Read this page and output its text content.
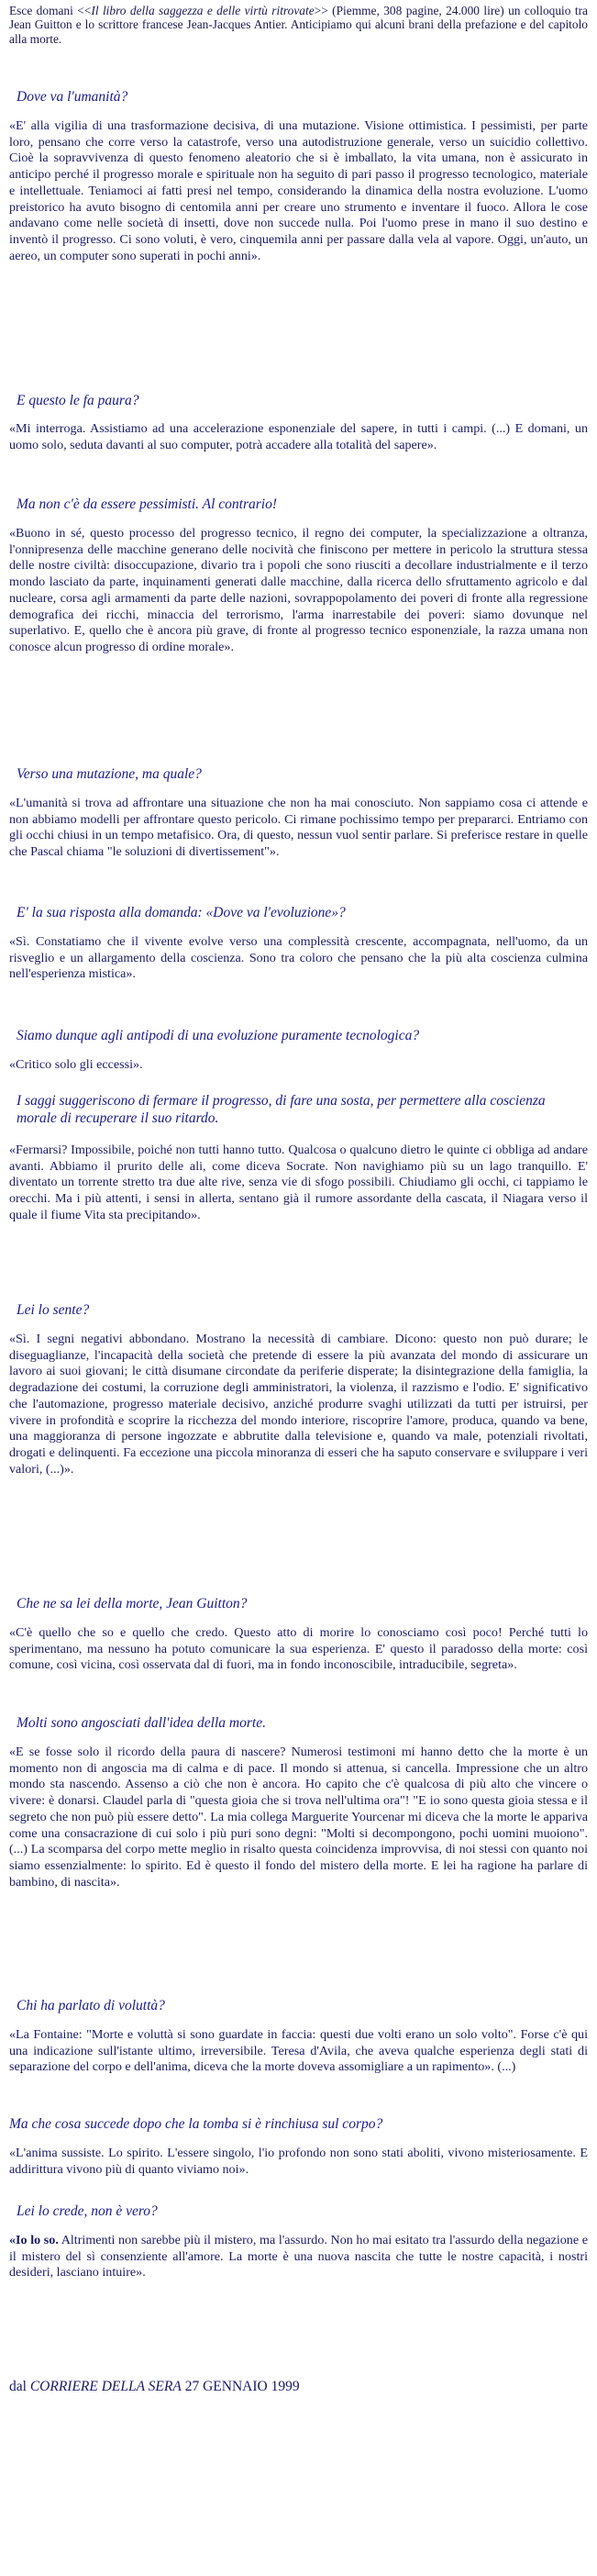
Esce domani <<Il libro della saggezza e delle virtù ritrovate>> (Piemme, 308 pagine, 24.000 lire) un colloquio tra Jean Guitton e lo scrittore francese Jean-Jacques Antier. Anticipiamo qui alcuni brani della prefazione e del capitolo alla morte.

Dove va l'umanità?

«E' alla vigilia di una trasformazione decisiva, di una mutazione. Visione ottimistica. I pessimisti, per parte loro, pensano che corre verso la catastrofe, verso una autodistruzione generale, verso un suicidio collettivo. Cioè la sopravvivenza di questo fenomeno aleatorio che si è imballato, la vita umana, non è assicurato in anticipo perché il progresso morale e spirituale non ha seguito di pari passo il progresso tecnologico, materiale e intellettuale. Teniamoci ai fatti presi nel tempo, considerando la dinamica della nostra evoluzione. L'uomo preistorico ha avuto bisogno di centomila anni per creare uno strumento e inventare il fuoco. Allora le cose andavano come nelle società di insetti, dove non succede nulla. Poi l'uomo prese in mano il suo destino e inventò il progresso. Ci sono voluti, è vero, cinquemila anni per passare dalla vela al vapore. Oggi, un'auto, un aereo, un computer sono superati in pochi anni».

E questo le fa paura?

«Mi interroga. Assistiamo ad una accelerazione esponenziale del sapere, in tutti i campi. (...) E domani, un uomo solo, seduta davanti al suo computer, potrà accadere alla totalità del sapere».

Ma non c'è da essere pessimisti. Al contrario!

«Buono in sé, questo processo del progresso tecnico, il regno dei computer, la specializzazione a oltranza, l'onnipresenza delle macchine generano delle nocività che finiscono per mettere in pericolo la struttura stessa delle nostre civiltà: disoccupazione, divario tra i popoli che sono riusciti a decollare industrialmente e il terzo mondo lasciato da parte, inquinamenti generati dalle macchine, dalla ricerca dello sfruttamento agricolo e dal nucleare, corsa agli armamenti da parte delle nazioni, sovrappopolamento dei poveri di fronte alla regressione demografica dei ricchi, minaccia del terrorismo, l'arma inarrestabile dei poveri: siamo dovunque nel superlativo. E, quello che è ancora più grave, di fronte al progresso tecnico esponenziale, la razza umana non conosce alcun progresso di ordine morale».

Verso una mutazione, ma quale?

«L'umanità si trova ad affrontare una situazione che non ha mai conosciuto. Non sappiamo cosa ci attende e non abbiamo modelli per affrontare questo pericolo. Ci rimane pochissimo tempo per prepararci. Entriamo con gli occhi chiusi in un tempo metafisico. Ora, di questo, nessun vuol sentir parlare. Si preferisce restare in quelle che Pascal chiama "le soluzioni di divertissement"».

E' la sua risposta alla domanda: «Dove va l'evoluzione»?

«Sì. Constatiamo che il vivente evolve verso una complessità crescente, accompagnata, nell'uomo, da un risveglio e un allargamento della coscienza. Sono tra coloro che pensano che la più alta coscienza culmina nell'esperienza mistica».

Siamo dunque agli antipodi di una evoluzione puramente tecnologica?

«Critico solo gli eccessi».

I saggi suggeriscono di fermare il progresso, di fare una sosta, per permettere alla coscienza morale di recuperare il suo ritardo.

«Fermarsi? Impossibile, poiché non tutti hanno tutto. Qualcosa o qualcuno dietro le quinte ci obbliga ad andare avanti. Abbiamo il prurito delle ali, come diceva Socrate. Non navighiamo più su un lago tranquillo. E' diventato un torrente stretto tra due alte rive, senza vie di sfogo possibili. Chiudiamo gli occhi, ci tappiamo le orecchi. Ma i più attenti, i sensi in allerta, sentano già il rumore assordante della cascata, il Niagara verso il quale il fiume Vita sta precipitando».

Lei lo sente?

«Sì. I segni negativi abbondano. Mostrano la necessità di cambiare. Dicono: questo non può durare; le diseguaglianze, l'incapacità della società che pretende di essere la più avanzata del mondo di assicurare un lavoro ai suoi giovani; le città disumane circondate da periferie disperate; la disintegrazione della famiglia, la degradazione dei costumi, la corruzione degli amministratori, la violenza, il razzismo e l'odio. E' significativo che l'automazione, progresso materiale decisivo, anziché produrre svaghi utilizzati da tutti per istruirsi, per vivere in profondità e scoprire la ricchezza del mondo interiore, riscoprire l'amore, produca, quando va bene, una maggioranza di persone ingozzate e abbrutite dalla televisione e, quando va male, potenziali rivoltati, drogati e delinquenti. Fa eccezione una piccola minoranza di esseri che ha saputo conservare e sviluppare i veri valori, (...)».

Che ne sa lei della morte, Jean Guitton?

«C'è quello che so e quello che credo. Questo atto di morire lo conosciamo così poco! Perché tutti lo sperimentano, ma nessuno ha potuto comunicare la sua esperienza. E' questo il paradosso della morte: così comune, così vicina, così osservata dal di fuori, ma in fondo inconoscibile, intraducibile, segreta».

Molti sono angosciati dall'idea della morte.

«E se fosse solo il ricordo della paura di nascere? Numerosi testimoni mi hanno detto che la morte è un momento non di angoscia ma di calma e di pace. Il mondo si attenua, si cancella. Impressione che un altro mondo sta nascendo. Assenso a ciò che non è ancora. Ho capito che c'è qualcosa di più alto che vincere o vivere: è donarsi. Claudel parla di "questa gioia che si trova nell'ultima ora"! "E io sono questa gioia stessa e il segreto che non può più essere detto". La mia collega Marguerite Yourcenar mi diceva che la morte le appariva come una consacrazione di cui solo i più puri sono degni: "Molti si decompongono, pochi uomini muoiono". (...) La scomparsa del corpo mette meglio in risalto questa coincidenza improvvisa, di noi stessi con quanto noi siamo essenzialmente: lo spirito. Ed è questo il fondo del mistero della morte. E lei ha ragione ha parlare di bambino, di nascita».

Chi ha parlato di voluttà?

«La Fontaine: "Morte e voluttà si sono guardate in faccia: questi due volti erano un solo volto". Forse c'è qui una indicazione sull'istante ultimo, irreversibile. Teresa d'Avila, che aveva qualche esperienza degli stati di separazione del corpo e dell'anima, diceva che la morte doveva assomigliare a un rapimento». (...)

Ma che cosa succede dopo che la tomba si è rinchiusa sul corpo?

«L'anima sussiste. Lo spirito. L'essere singolo, l'io profondo non sono stati aboliti, vivono misteriosamente. E addirittura vivono più di quanto viviamo noi».

Lei lo crede, non è vero?

«Io lo so. Altrimenti non sarebbe più il mistero, ma l'assurdo. Non ho mai esitato tra l'assurdo della negazione e il mistero del sì consenziente all'amore. La morte è una nuova nascita che tutte le nostre capacità, i nostri desideri, lasciano intuire».

dal CORRIERE DELLA SERA 27 GENNAIO 1999
